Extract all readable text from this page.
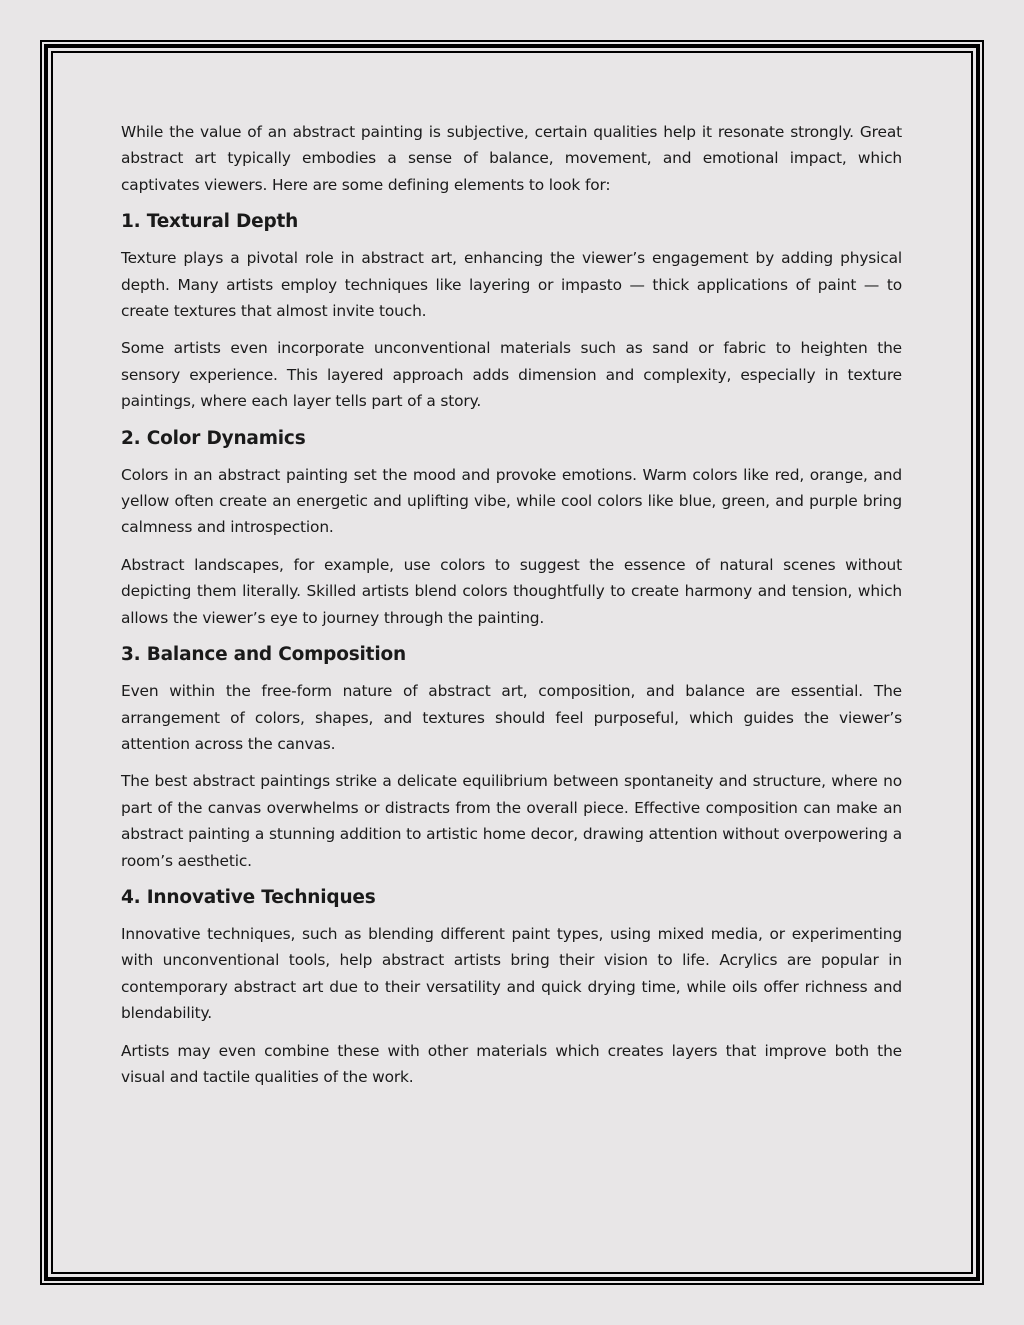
While the value of an abstract painting is subjective, certain qualities help it resonate strongly. Great abstract art typically embodies a sense of balance, movement, and emotional impact, which captivates viewers. Here are some defining elements to look for:

1. Textural Depth

Texture plays a pivotal role in abstract art, enhancing the viewer’s engagement by adding physical depth. Many artists employ techniques like layering or impasto — thick applications of paint — to create textures that almost invite touch.

Some artists even incorporate unconventional materials such as sand or fabric to heighten the sensory experience. This layered approach adds dimension and complexity, especially in texture paintings, where each layer tells part of a story.

2. Color Dynamics

Colors in an abstract painting set the mood and provoke emotions. Warm colors like red, orange, and yellow often create an energetic and uplifting vibe, while cool colors like blue, green, and purple bring calmness and introspection.

Abstract landscapes, for example, use colors to suggest the essence of natural scenes without depicting them literally. Skilled artists blend colors thoughtfully to create harmony and tension, which allows the viewer’s eye to journey through the painting.

3. Balance and Composition

Even within the free-form nature of abstract art, composition, and balance are essential. The arrangement of colors, shapes, and textures should feel purposeful, which guides the viewer’s attention across the canvas.

The best abstract paintings strike a delicate equilibrium between spontaneity and structure, where no part of the canvas overwhelms or distracts from the overall piece. Effective composition can make an abstract painting a stunning addition to artistic home decor, drawing attention without overpowering a room’s aesthetic.

4. Innovative Techniques

Innovative techniques, such as blending different paint types, using mixed media, or experimenting with unconventional tools, help abstract artists bring their vision to life. Acrylics are popular in contemporary abstract art due to their versatility and quick drying time, while oils offer richness and blendability.

Artists may even combine these with other materials which creates layers that improve both the visual and tactile qualities of the work.
